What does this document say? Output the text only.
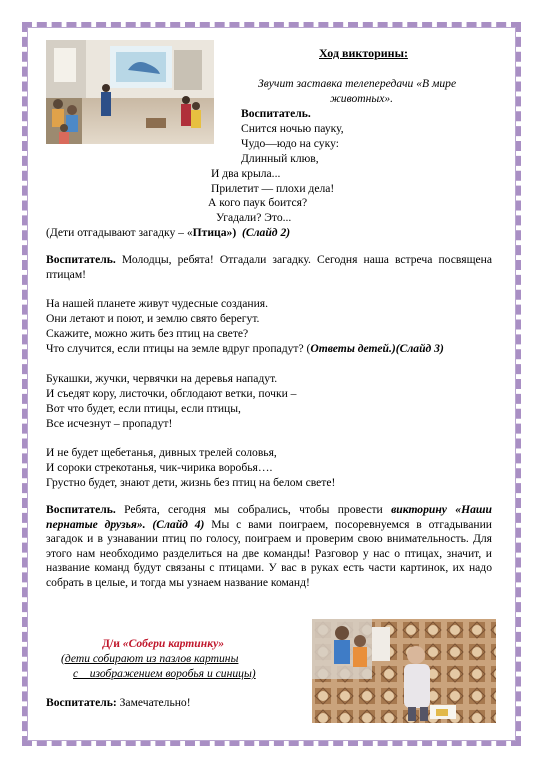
Ход викторины:
Звучит заставка телепередачи «В мире
животных».
Воспитатель.
Снится ночью пауку,
Чудо—юдо на суку:
Длинный клюв,
И два крыла...
Прилетит — плохи дела!
А кого паук боится?
Угадали? Это...
(Дети отгадывают загадку – «Птица») (Слайд 2)
Воспитатель. Молодцы, ребята! Отгадали загадку. Сегодня наша встреча посвящена птицам!
На нашей планете живут чудесные создания.
Они летают и поют, и землю свято берегут.
Скажите, можно жить без птиц на свете?
Что случится, если птицы на земле вдруг пропадут? (Ответы детей.)(Слайд 3)
Букашки, жучки, червячки на деревья нападут.
И съедят кору, листочки, обглодают ветки, почки –
Вот что будет, если птицы, если птицы,
Все исчезнут – пропадут!
И не будет щебетанья, дивных трелей соловья,
И сороки стрекотанья, чик-чирика воробья….
Грустно будет, знают дети, жизнь без птиц на белом свете!
Воспитатель. Ребята, сегодня мы собрались, чтобы провести викторину «Наши пернатые друзья». (Слайд 4) Мы с вами поиграем, посоревнуемся в отгадывании загадок и в узнавании птиц по голосу, поиграем и проверим свою внимательность. Для этого нам необходимо разделиться на две команды! Разговор у нас о птицах, значит, и название команд будут связаны с птицами. У вас в руках есть части картинок, их надо собрать в целые, и тогда мы узнаем название команд!
Д/и «Собери картинку»
(дети собирают из пазлов картины
с    изображением воробья и синицы)
Воспитатель: Замечательно!
